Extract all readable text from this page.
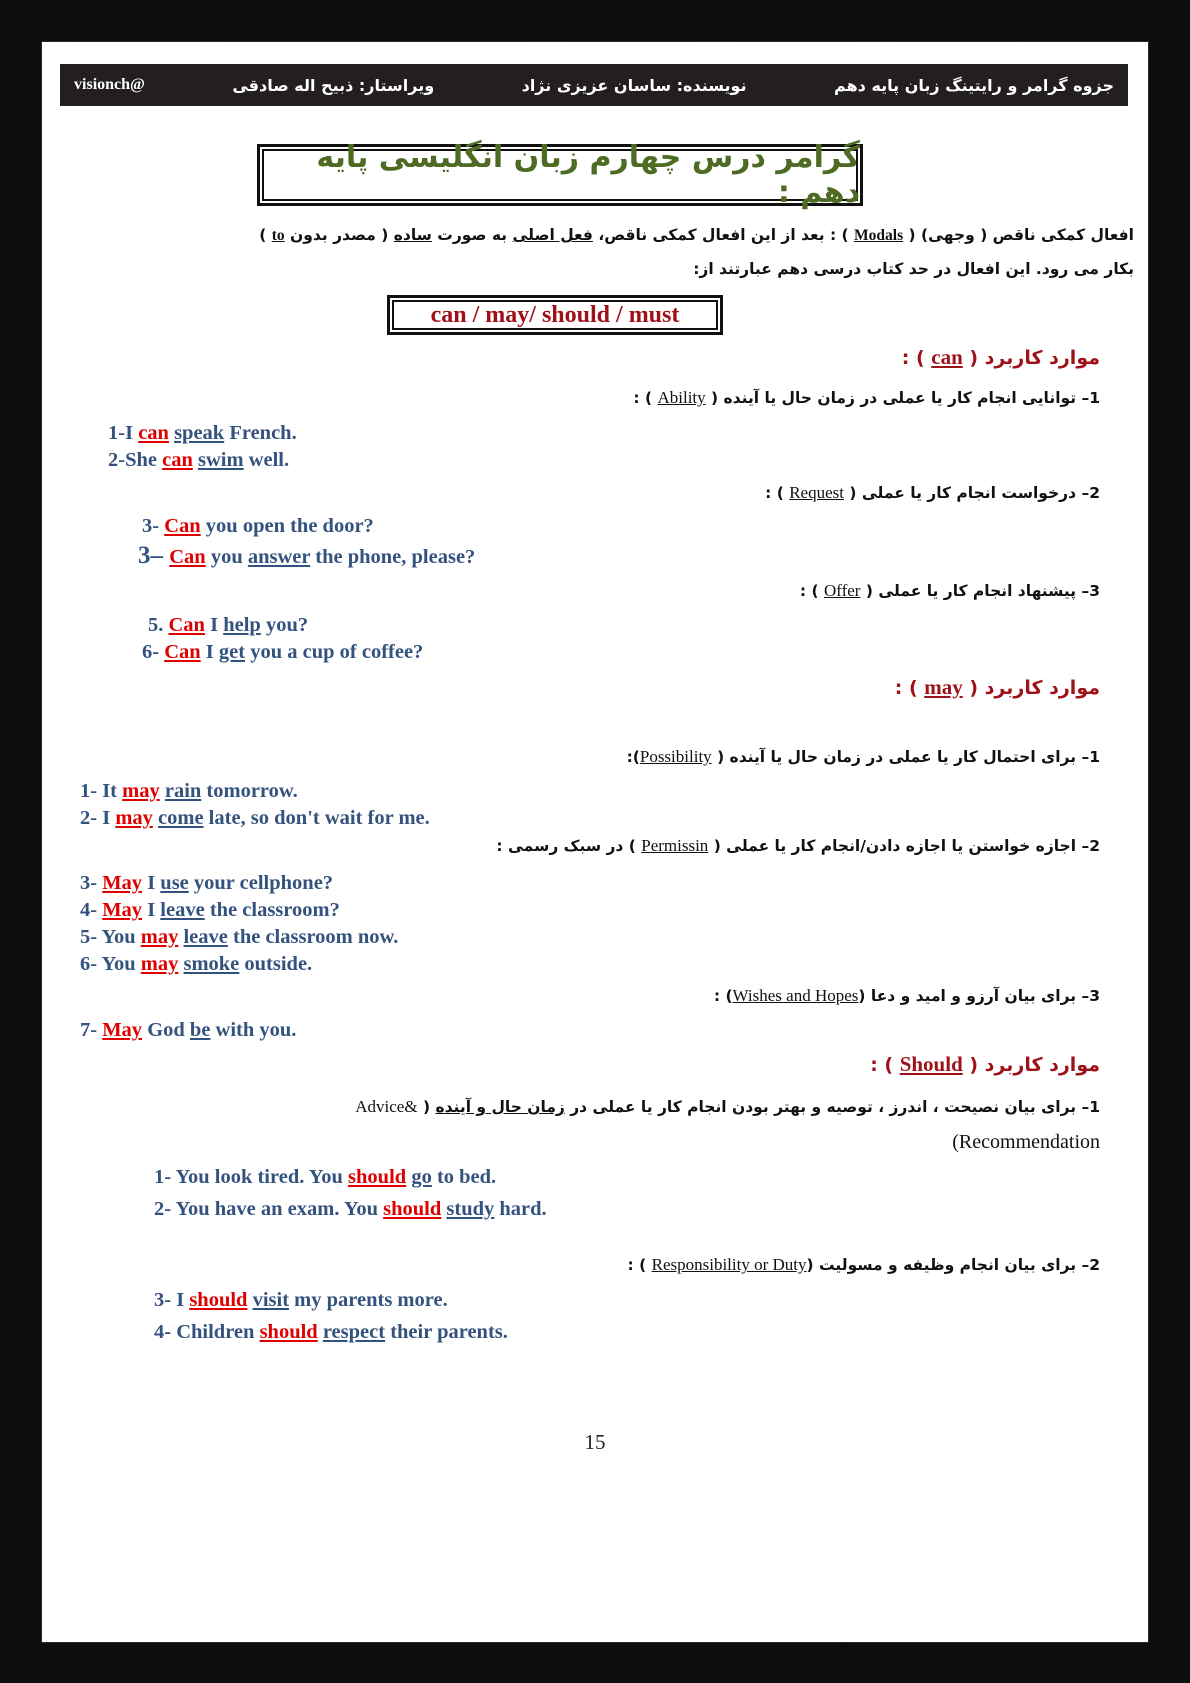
جزوه گرامر و رایتینگ زبان پایه دهم
نویسنده: ساسان عزیزی نژاد
ویراستار: ذبیح اله صادقی
@visionch
گرامر درس چهارم زبان انگلیسی پایه دهم :
افعال کمکی ناقص ( وجهی) ( Modals ) : بعد از این افعال کمکی ناقص، فعل اصلی به صورت ساده ( مصدر بدون to )
بکار می رود. این افعال در حد کتاب درسی دهم عبارتند از:
can / may/ should / must
موارد کاربرد ( can ) :
1– توانایی انجام کار یا عملی در زمان حال یا آینده ( Ability ) :
1-I can speak French.
2-She can swim well.
2– درخواست انجام کار یا عملی ( Request ) :
3- Can you open the door?
3– Can you answer the phone, please?
3– پیشنهاد انجام کار یا عملی ( Offer ) :
5. Can I help you?
6- Can I get you a cup of coffee?
موارد کاربرد ( may ) :
1– برای احتمال کار یا عملی در زمان حال یا آینده ( Possibility):
1- It may rain tomorrow.
2- I may come late, so don't wait for me.
2– اجازه خواستن یا اجازه دادن/انجام کار یا عملی ( Permissin ) در سبک رسمی :
3- May I use your cellphone?
4- May I leave the classroom?
5- You may leave the classroom now.
6- You may smoke outside.
3– برای بیان آرزو و امید و دعا (Wishes and Hopes) :
7- May God be with you.
موارد کاربرد ( Should ) :
1– برای بیان نصیحت ، اندرز ، توصیه و بهتر بودن انجام کار یا عملی در زمان حال و آینده ( Advice&
(Recommendation
1- You look tired. You should go to bed.
2- You have an exam. You should study hard.
2– برای بیان انجام وظیفه و مسوليت (Responsibility or Duty ) :
3- I should visit my parents more.
4- Children should respect their parents.
15
